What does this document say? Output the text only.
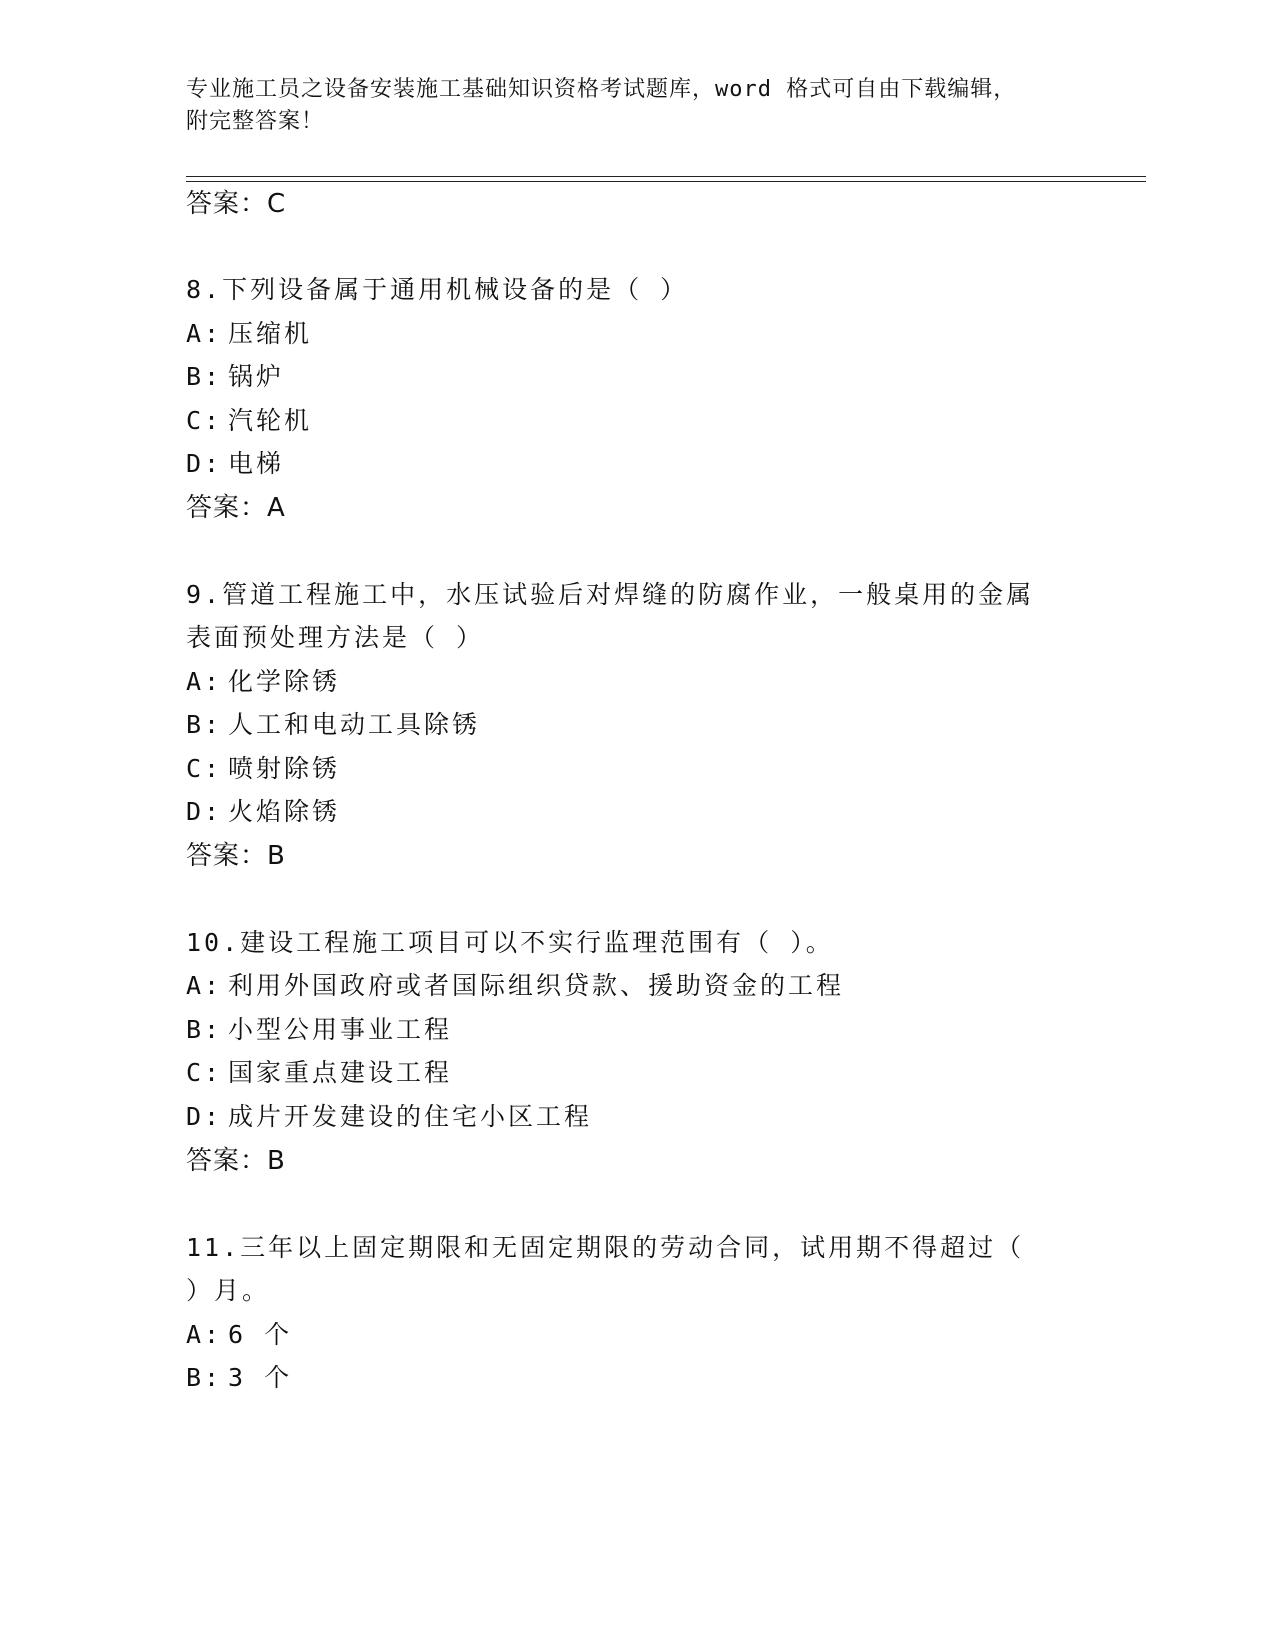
专业施工员之设备安装施工基础知识资格考试题库，word 格式可自由下载编辑，
附完整答案！
答案：C
8.下列设备属于通用机械设备的是（ ）
A: 压缩机
B: 锅炉
C: 汽轮机
D: 电梯
答案：A
9.管道工程施工中，水压试验后对焊缝的防腐作业，一般桌用的金属
表面预处理方法是（ ）
A: 化学除锈
B: 人工和电动工具除锈
C: 喷射除锈
D: 火焰除锈
答案：B
10.建设工程施工项目可以不实行监理范围有（ ）。
A: 利用外国政府或者国际组织贷款、援助资金的工程
B: 小型公用事业工程
C: 国家重点建设工程
D: 成片开发建设的住宅小区工程
答案：B
11.三年以上固定期限和无固定期限的劳动合同，试用期不得超过（
）月。
A: 6 个
B: 3 个
